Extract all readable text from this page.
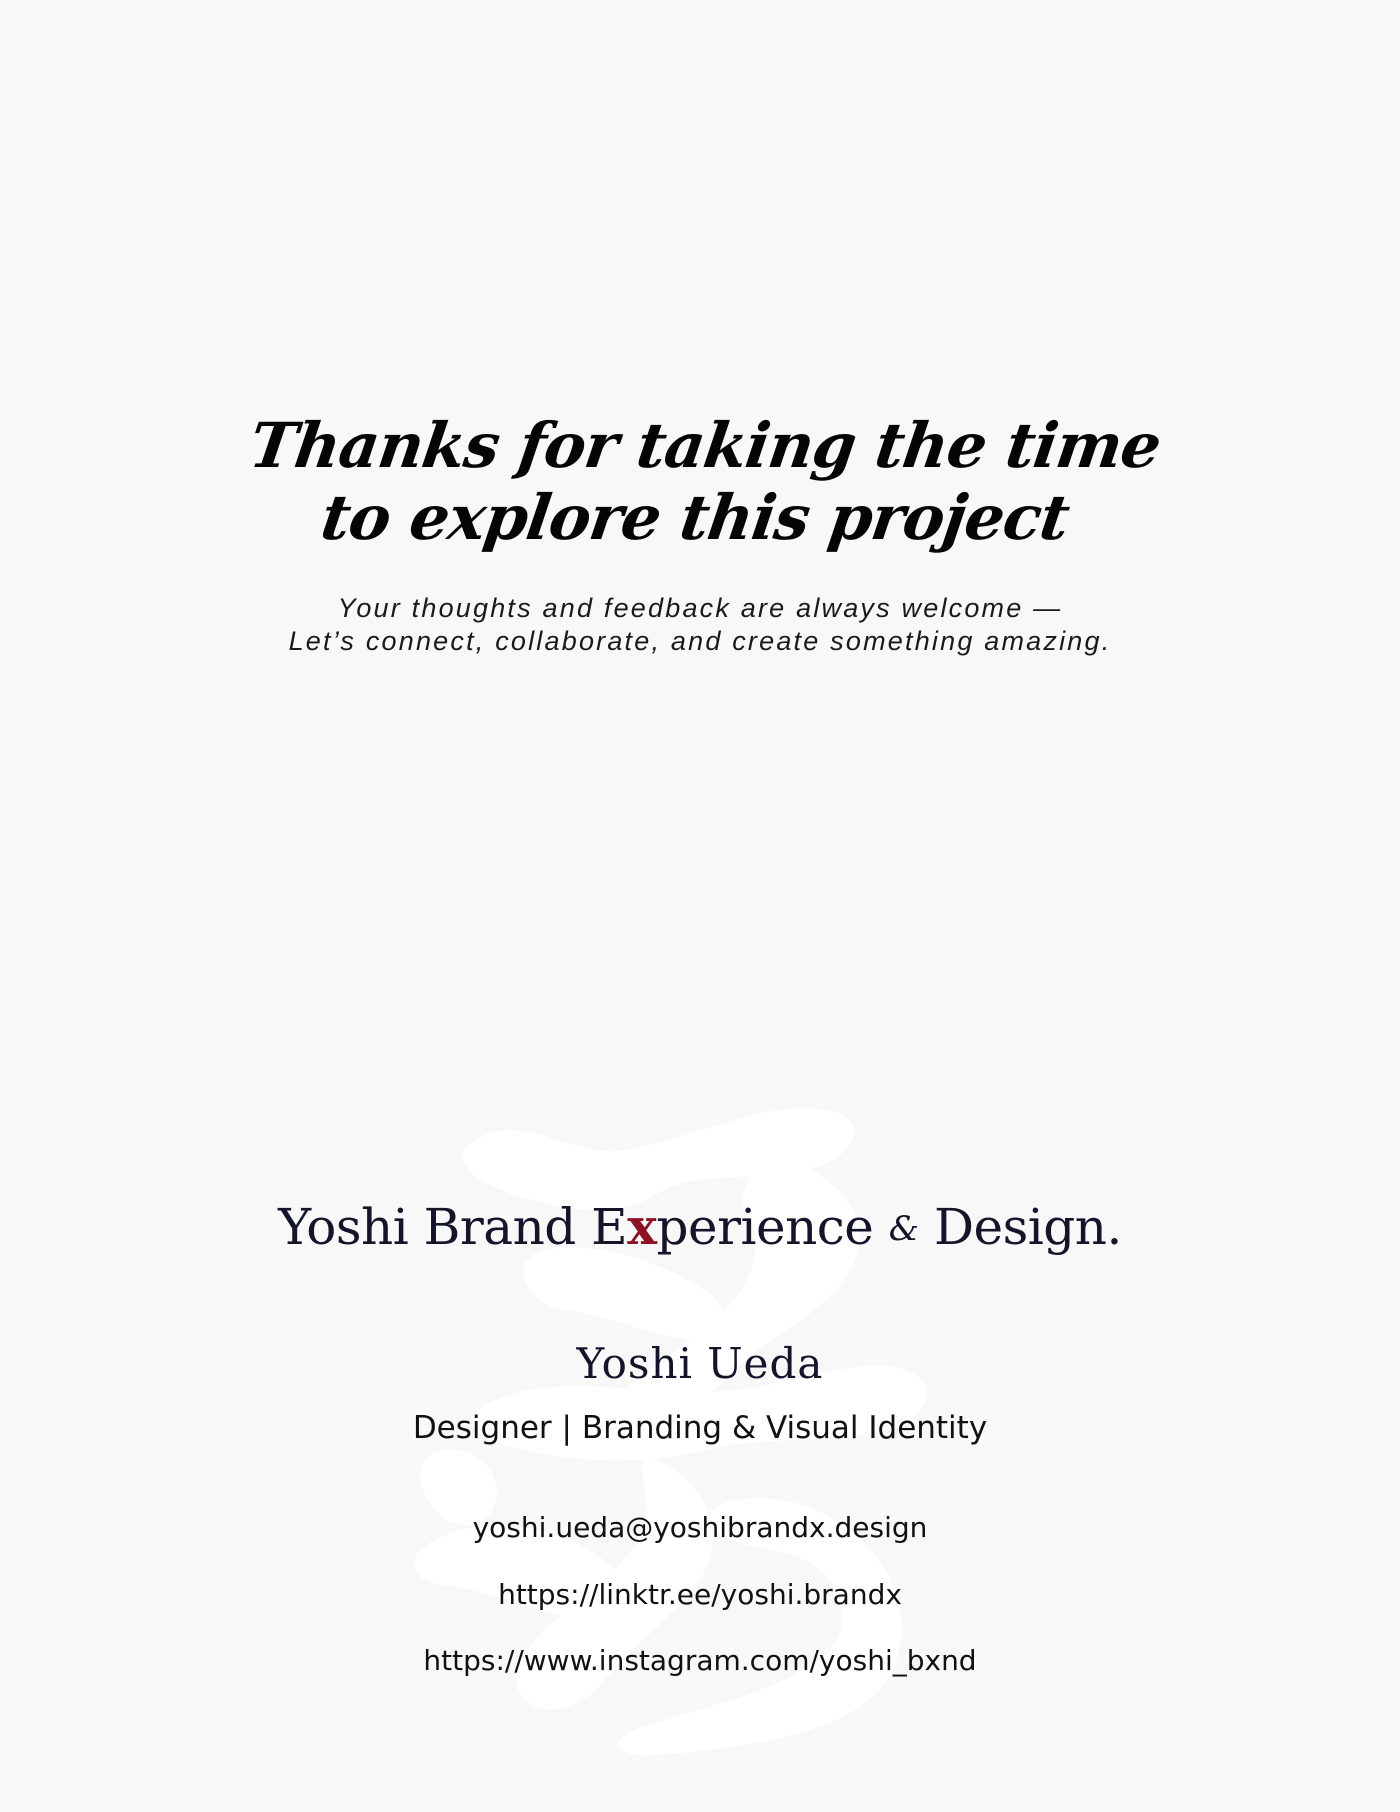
Thanks for taking the time
to explore this project
Your thoughts and feedback are always welcome —
Let’s connect, collaborate, and create something amazing.
Yoshi Brand Experience & Design.
Yoshi Ueda
Designer | Branding & Visual Identity
yoshi.ueda@yoshibrandx.design
https://linktr.ee/yoshi.brandx
https://www.instagram.com/yoshi_bxnd
